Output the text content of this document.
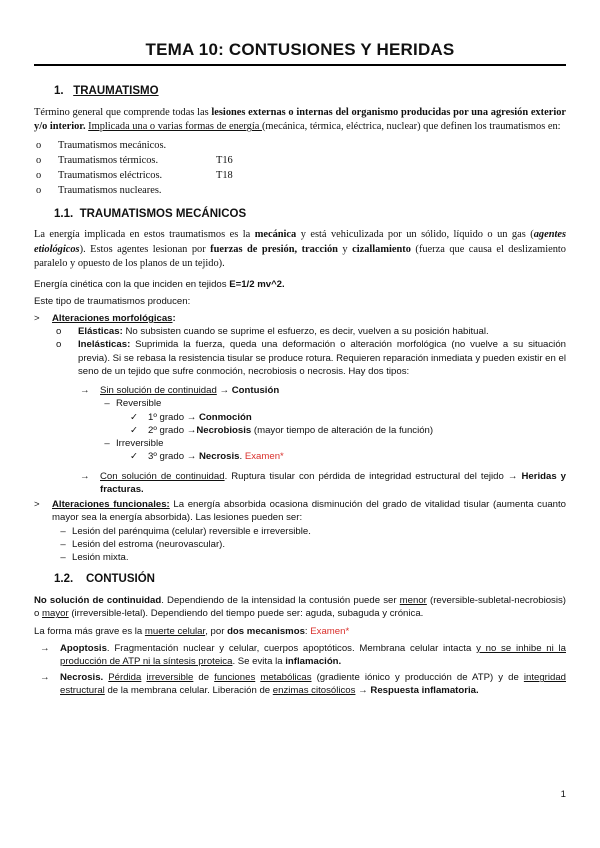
TEMA 10: CONTUSIONES Y HERIDAS
1. TRAUMATISMO

Término general que comprende todas las lesiones externas o internas del organismo producidas por una agresión exterior y/o interior. Implicada una o varias formas de energía (mecánica, térmica, eléctrica, nuclear) que definen los traumatismos en:

o	Traumatismos mecánicos.
o	Traumatismos térmicos.	T16
o	Traumatismos eléctricos.	T18
o	Traumatismos nucleares.
1.1. TRAUMATISMOS MECÁNICOS

La energía implicada en estos traumatismos es la mecánica y está vehiculizada por un sólido, líquido o un gas (agentes etiológicos). Estos agentes lesionan por fuerzas de presión, tracción y cizallamiento (fuerza que causa el deslizamiento paralelo y opuesto de los planos de un tejido).

Energía cinética con la que inciden en tejidos E=1/2 mv^2.

Este tipo de traumatismos producen:

>	Alteraciones morfológicas:
o	Elásticas: No subsisten cuando se suprime el esfuerzo, es decir, vuelven a su posición habitual.
o	Inelásticas: Suprimida la fuerza, queda una deformación o alteración morfológica (no vuelve a su situación previa). Si se rebasa la resistencia tisular se produce rotura. Requieren reparación inmediata y pueden existir en el seno de un tejido que sufre conmoción, necrobiosis o necrosis. Hay dos tipos:

→	Sin solución de continuidad → Contusión
– Reversible
✓	1º grado → Conmoción
✓	2º grado →Necrobiosis (mayor tiempo de alteración de la función)
– Irreversible
✓	3º grado → Necrosis. Examen*
→	Con solución de continuidad. Ruptura tisular con pérdida de integridad estructural del tejido → Heridas y fracturas.

>	Alteraciones funcionales: La energía absorbida ocasiona disminución del grado de vitalidad tisular (aumenta cuanto mayor sea la energía absorbida). Las lesiones pueden ser:

– Lesión del parénquima (celular) reversible e irreversible.
– Lesión del estroma (neurovascular).
– Lesión mixta.
1.2. CONTUSIÓN

No solución de continuidad. Dependiendo de la intensidad la contusión puede ser menor (reversible-subletal-necrobiosis) o mayor (irreversible-letal). Dependiendo del tiempo puede ser: aguda, subaguda y crónica.

La forma más grave es la muerte celular, por dos mecanismos: Examen*

→	Apoptosis. Fragmentación nuclear y celular, cuerpos apoptóticos. Membrana celular intacta y no se inhibe ni la producción de ATP ni la síntesis proteica. Se evita la inflamación.

→	Necrosis. Pérdida irreversible de funciones metabólicas (gradiente iónico y producción de ATP) y de integridad estructural de la membrana celular. Liberación de enzimas citosólicos → Respuesta inflamatoria.

1
